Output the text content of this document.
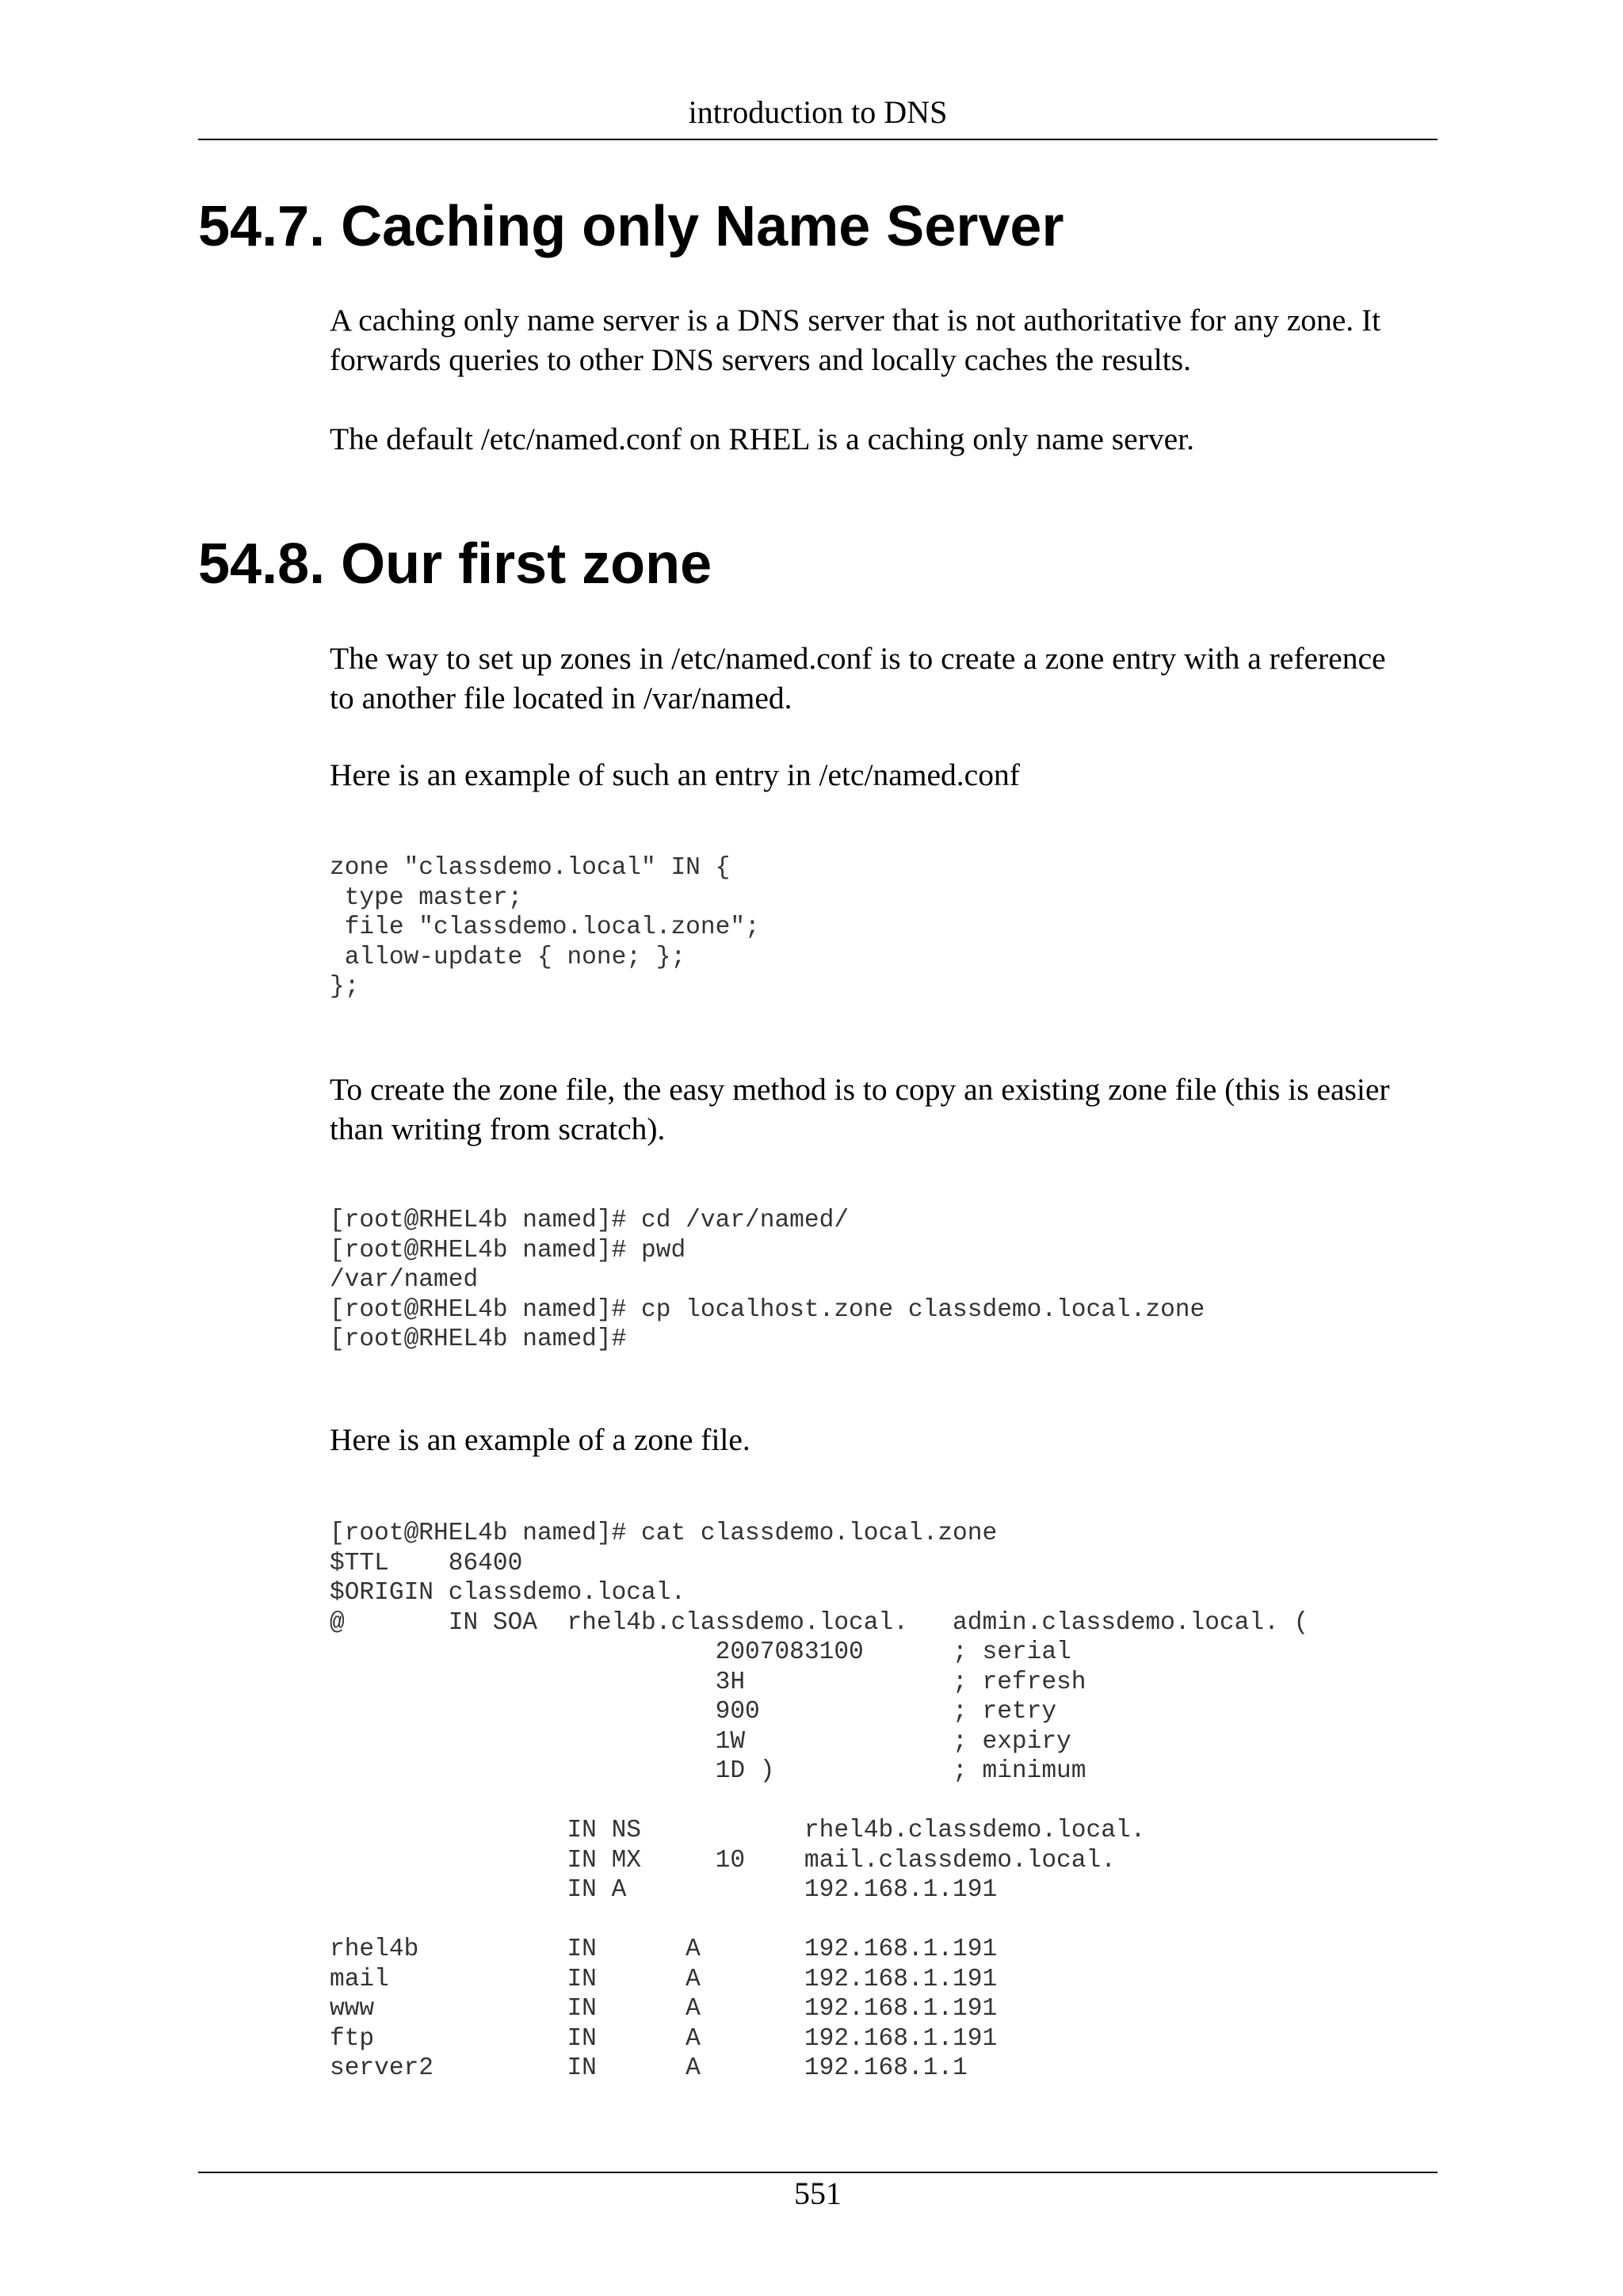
introduction to DNS
54.7. Caching only Name Server

A caching only name server is a DNS server that is not authoritative for any zone. It
forwards queries to other DNS servers and locally caches the results.

The default /etc/named.conf on RHEL is a caching only name server.

54.8. Our first zone

The way to set up zones in /etc/named.conf is to create a zone entry with a reference
to another file located in /var/named.

Here is an example of such an entry in /etc/named.conf

zone "classdemo.local" IN {
type master;
file "classdemo.local.zone";
allow-update { none; };
};

To create the zone file, the easy method is to copy an existing zone file (this is easier
than writing from scratch).

[root@RHEL4b named]# cd /var/named/
[root@RHEL4b named]# pwd
/var/named
[root@RHEL4b named]# cp localhost.zone classdemo.local.zone
[root@RHEL4b named]#

Here is an example of a zone file.

[root@RHEL4b named]# cat classdemo.local.zone
$TTL    86400
$ORIGIN classdemo.local.
@       IN SOA  rhel4b.classdemo.local.   admin.classdemo.local. (
2007083100      ; serial
3H              ; refresh
900             ; retry
1W              ; expiry
1D )            ; minimum
IN NS           rhel4b.classdemo.local.
IN MX     10    mail.classdemo.local.
IN A            192.168.1.191
rhel4b          IN      A       192.168.1.191
mail            IN      A       192.168.1.191
www             IN      A       192.168.1.191
ftp             IN      A       192.168.1.191
server2         IN      A       192.168.1.1
551
